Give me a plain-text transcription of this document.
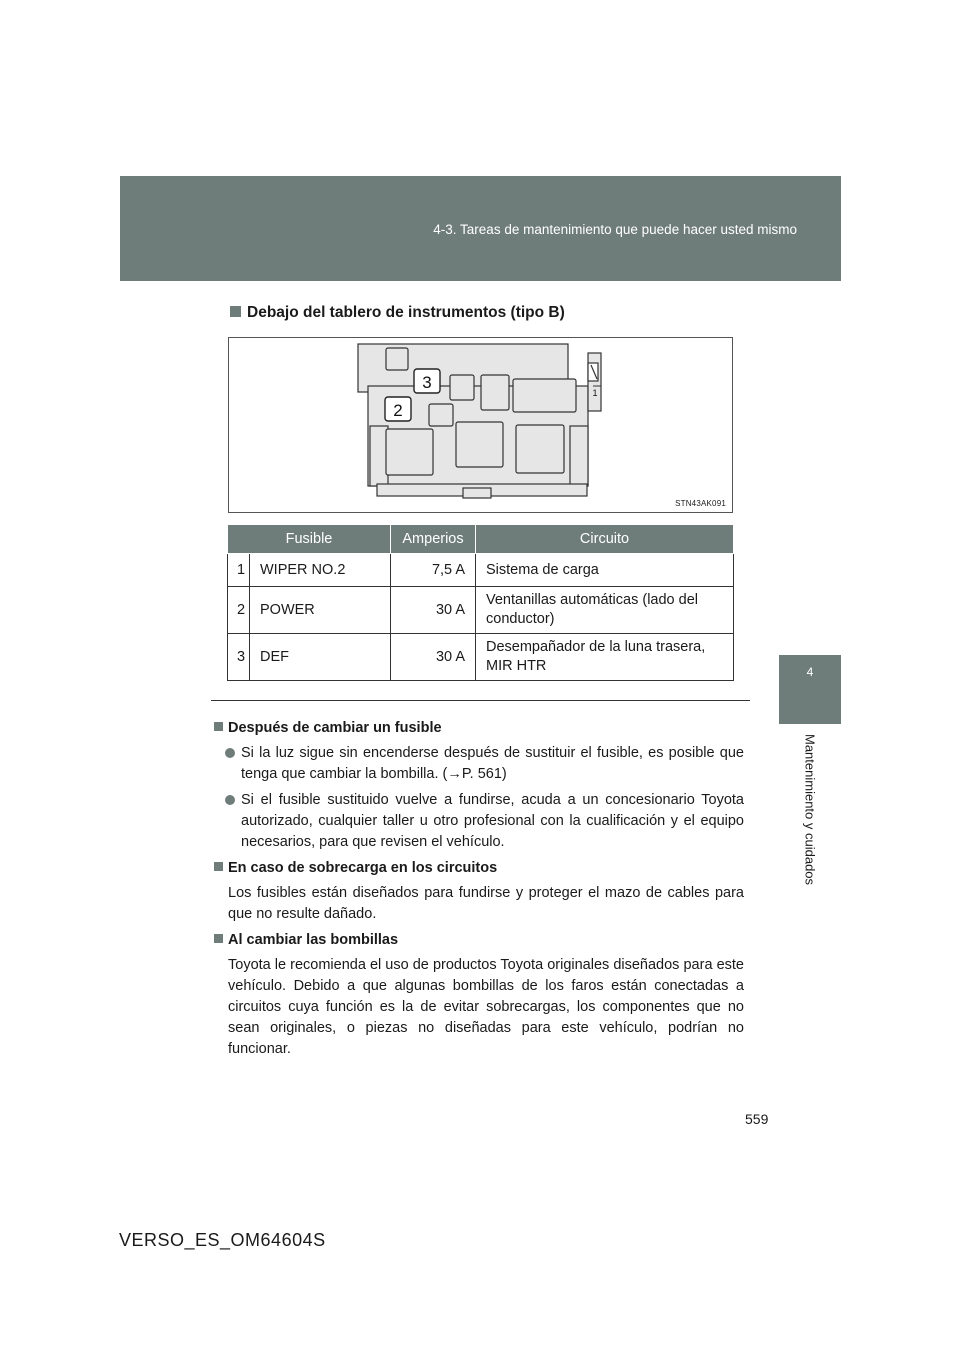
4-3. Tareas de mantenimiento que puede hacer usted mismo
4
Mantenimiento y cuidados
Debajo del tablero de instrumentos (tipo B)
3
2
1
STN43AK091
Fusible		Amperios	Circuito
1	WIPER NO.2	7,5 A	Sistema de carga
2	POWER	30 A	Ventanillas automáticas (lado del conductor)
3	DEF	30 A	Desempañador de la luna trasera, MIR HTR
Después de cambiar un fusible
Si la luz sigue sin encenderse después de sustituir el fusible, es posible que tenga que cambiar la bombilla. (→P. 561)
Si el fusible sustituido vuelve a fundirse, acuda a un concesionario Toyota autorizado, cualquier taller u otro profesional con la cualificación y el equipo necesarios, para que revisen el vehículo.
En caso de sobrecarga en los circuitos
Los fusibles están diseñados para fundirse y proteger el mazo de cables para que no resulte dañado.
Al cambiar las bombillas
Toyota le recomienda el uso de productos Toyota originales diseñados para este vehículo. Debido a que algunas bombillas de los faros están conectadas a circuitos cuya función es la de evitar sobrecargas, los componentes que no sean originales, o piezas no diseñadas para este vehículo, podrían no funcionar.
559
VERSO_ES_OM64604S
